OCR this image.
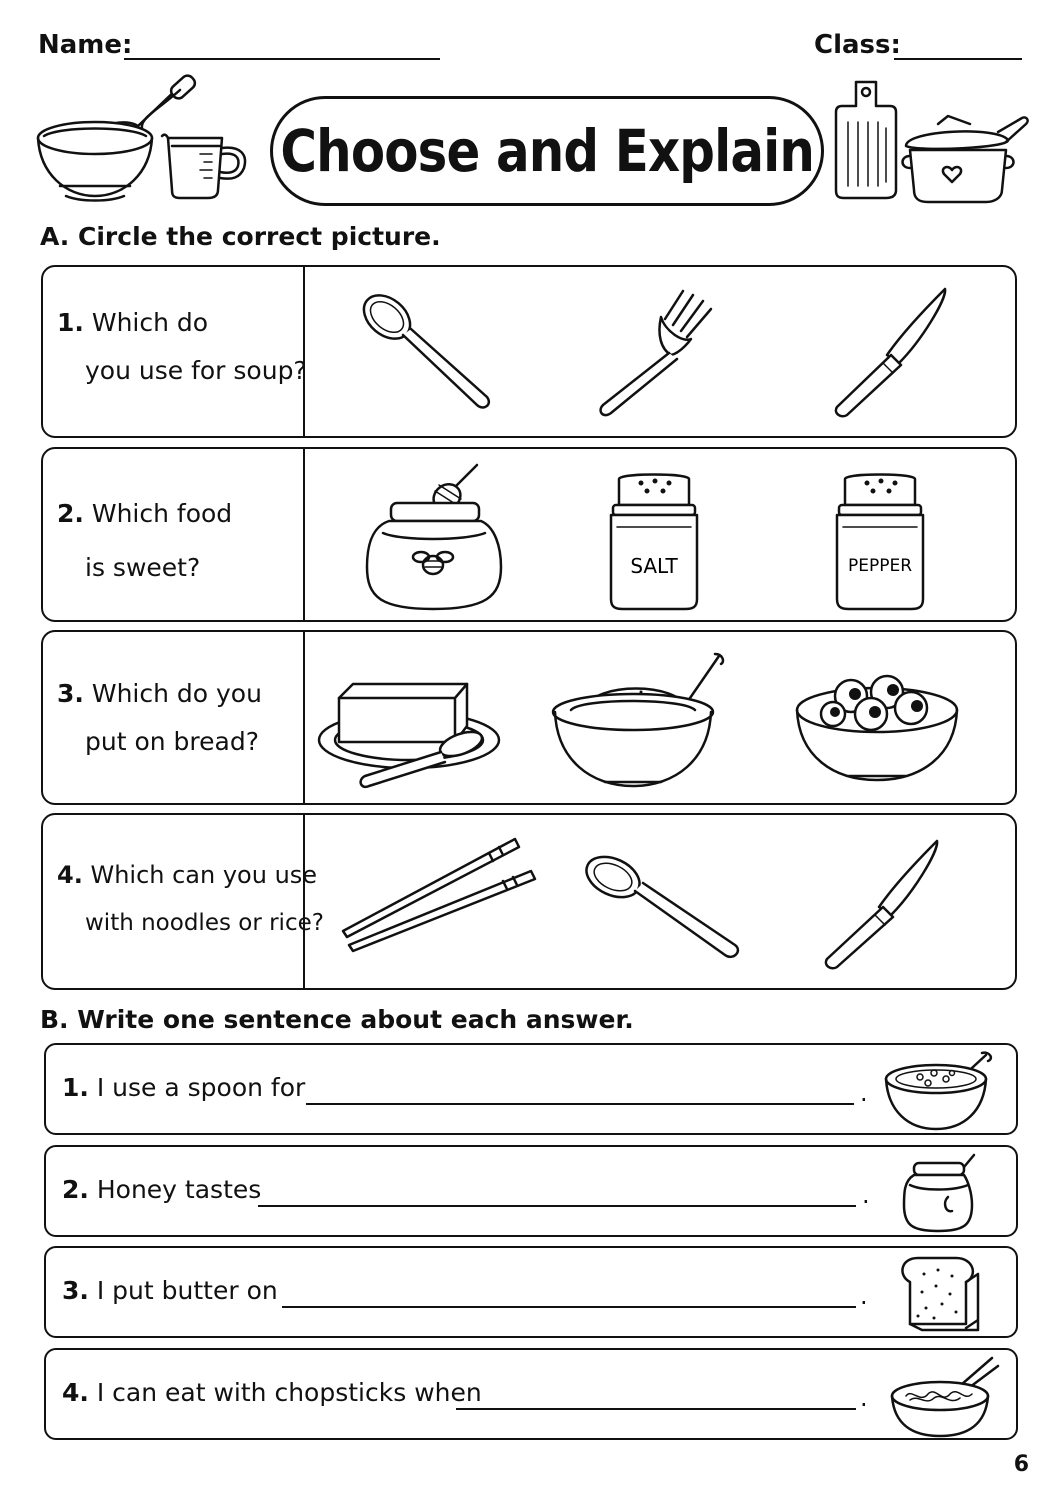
Name:	Class:
Choose and Explain
A. Circle the correct picture.
1. Which do
you use for soup?
2. Which food
is sweet?	SALT	PEPPER
3. Which do you
put on bread?
4. Which can you use
with noodles or rice?
B. Write one sentence about each answer.
1. I use a spoon for	.
2. Honey tastes	.
3. I put butter on	.
4. I can eat with chopsticks when	.
6
